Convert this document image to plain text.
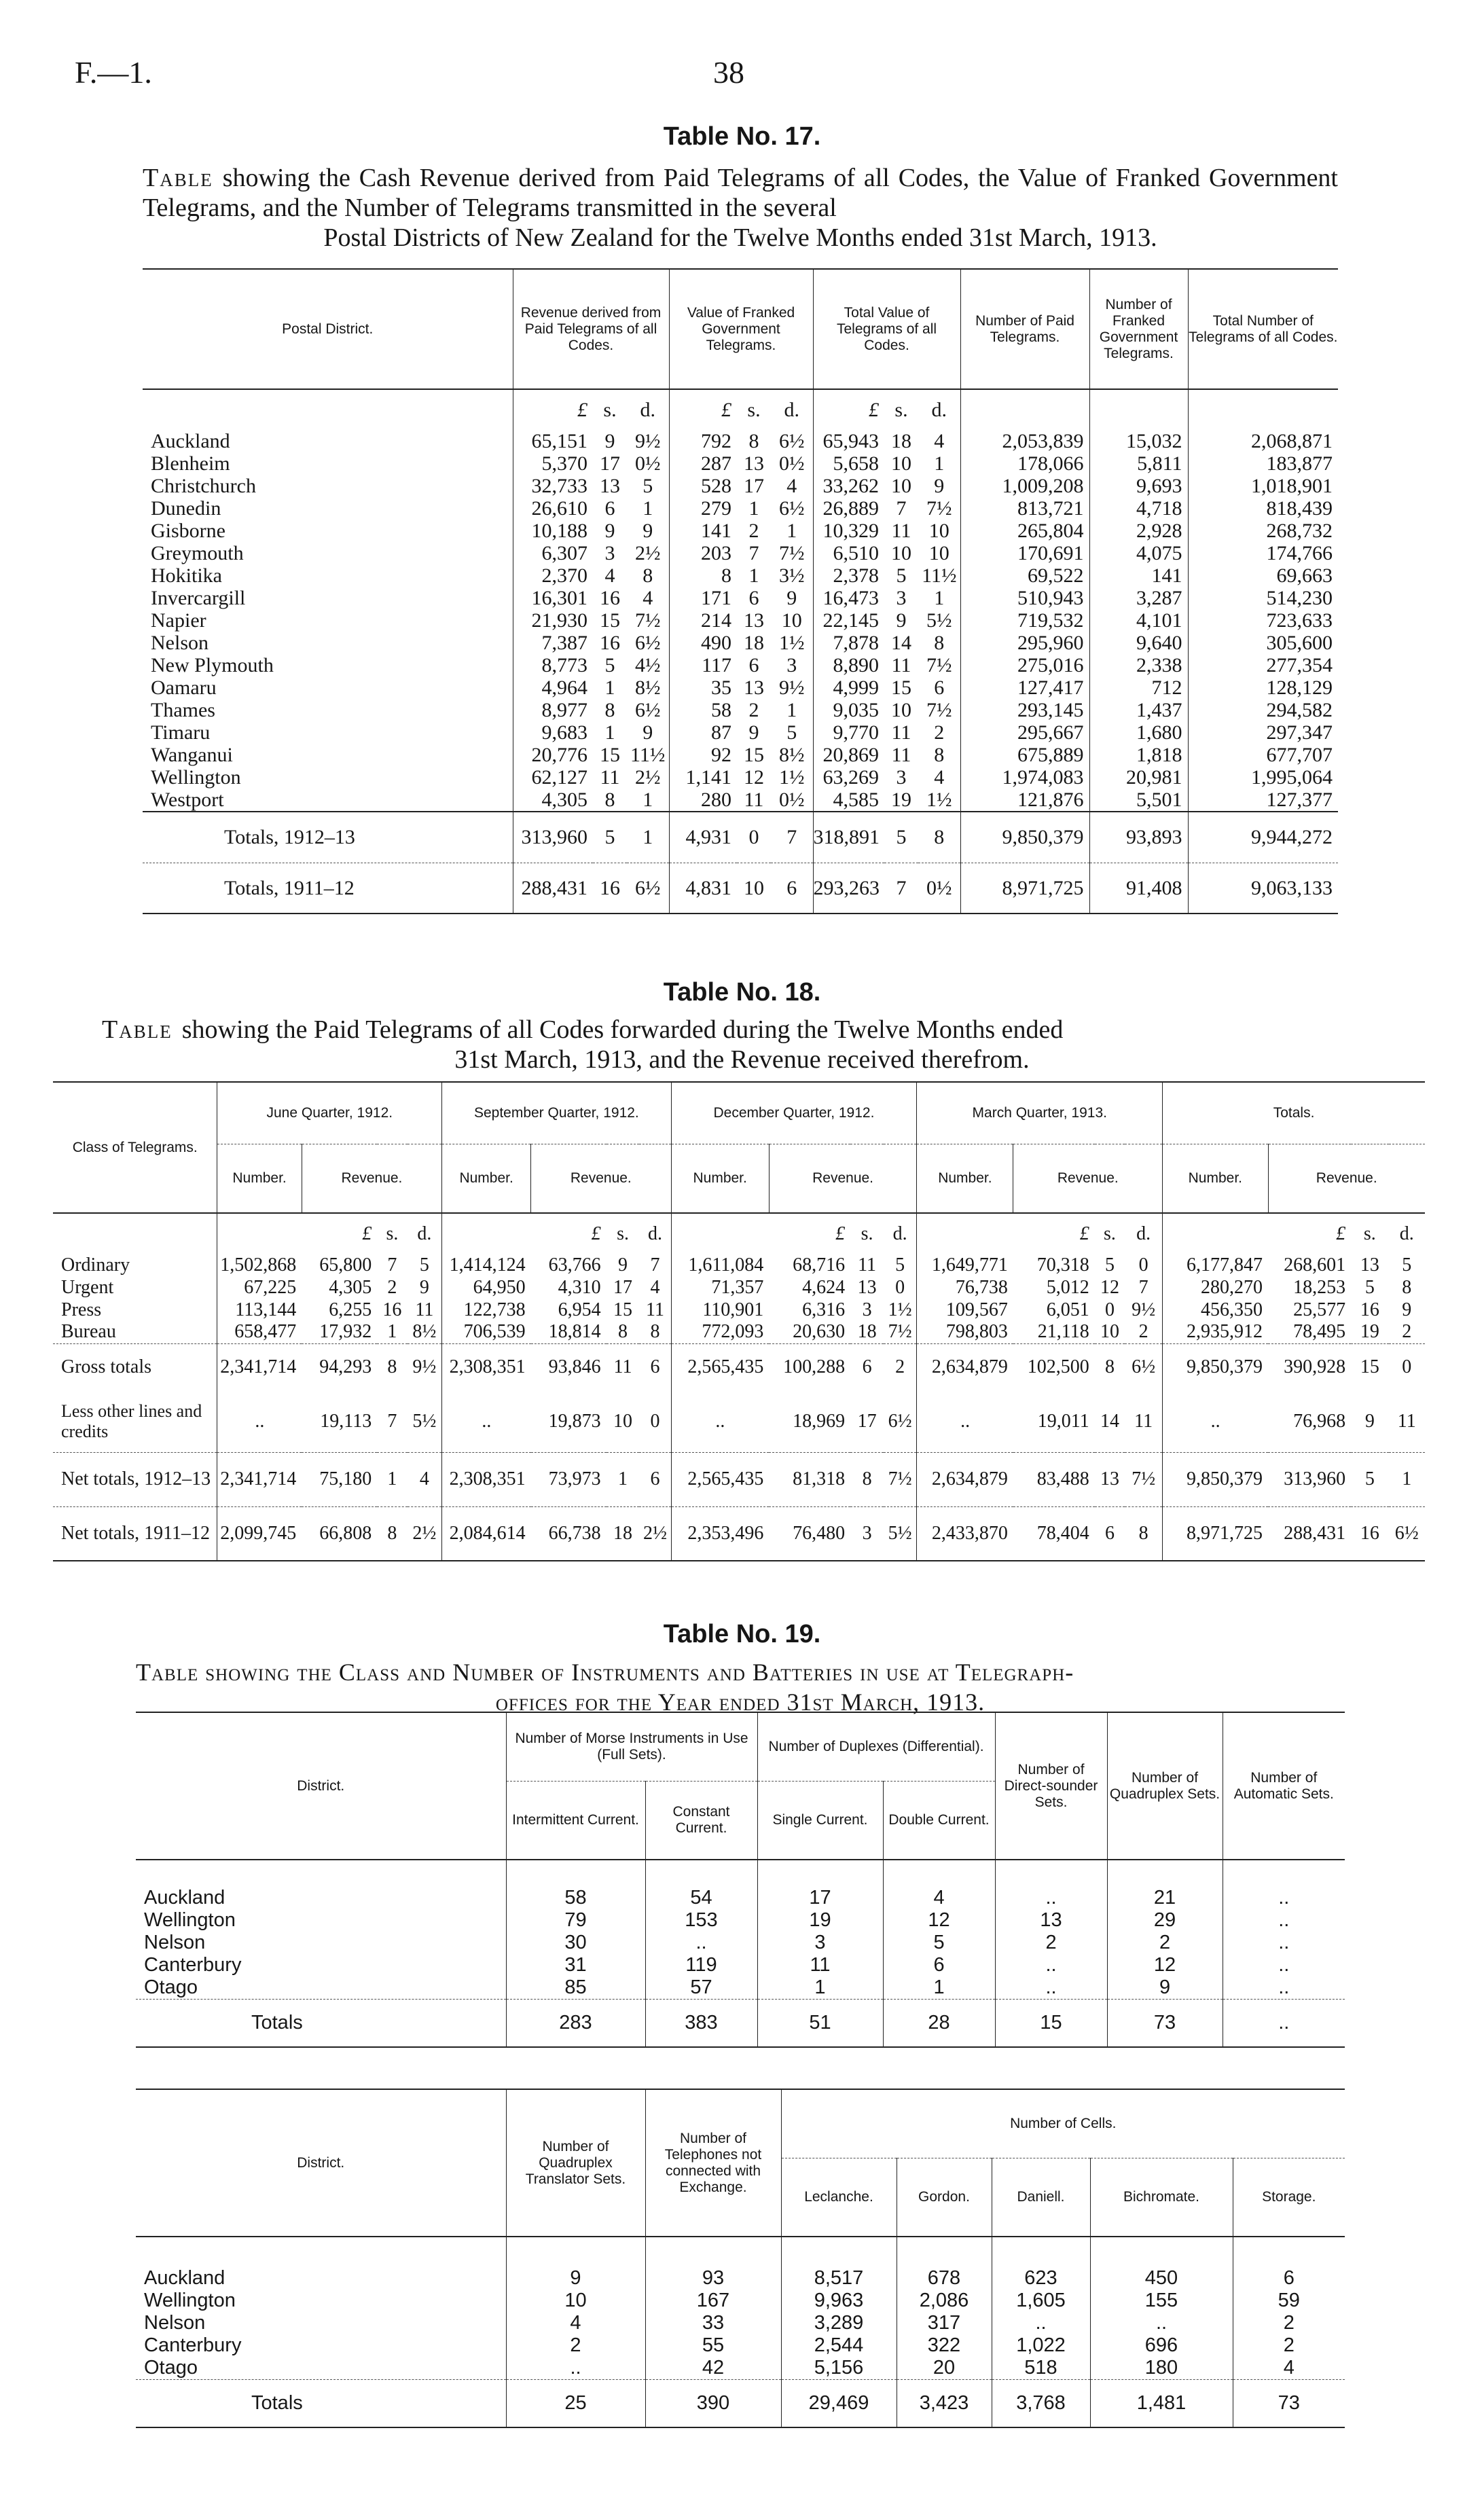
F.—1.	38
Table No. 17.
Table showing the Cash Revenue derived from Paid Telegrams of all Codes, the Value of Franked Government Telegrams, and the Number of Telegrams transmitted in the several
Postal Districts of New Zealand for the Twelve Months ended 31st March, 1913.
Postal District.	Revenue derived from Paid Telegrams of all Codes.			Value of Franked Government Telegrams.			Total Value of Telegrams of all Codes.			Number of Paid Telegrams.	Number of Franked Government Telegrams.	Total Number of Telegrams of all Codes.
	£	s.	d.	£	s.	d.	£	s.	d.			
Auckland	65,151	9	9½	792	8	6½	65,943	18	4	2,053,839	15,032	2,068,871
Blenheim	5,370	17	0½	287	13	0½	5,658	10	1	178,066	5,811	183,877
Christchurch	32,733	13	5	528	17	4	33,262	10	9	1,009,208	9,693	1,018,901
Dunedin	26,610	6	1	279	1	6½	26,889	7	7½	813,721	4,718	818,439
Gisborne	10,188	9	9	141	2	1	10,329	11	10	265,804	2,928	268,732
Greymouth	6,307	3	2½	203	7	7½	6,510	10	10	170,691	4,075	174,766
Hokitika	2,370	4	8	8	1	3½	2,378	5	11½	69,522	141	69,663
Invercargill	16,301	16	4	171	6	9	16,473	3	1	510,943	3,287	514,230
Napier	21,930	15	7½	214	13	10	22,145	9	5½	719,532	4,101	723,633
Nelson	7,387	16	6½	490	18	1½	7,878	14	8	295,960	9,640	305,600
New Plymouth	8,773	5	4½	117	6	3	8,890	11	7½	275,016	2,338	277,354
Oamaru	4,964	1	8½	35	13	9½	4,999	15	6	127,417	712	128,129
Thames	8,977	8	6½	58	2	1	9,035	10	7½	293,145	1,437	294,582
Timaru	9,683	1	9	87	9	5	9,770	11	2	295,667	1,680	297,347
Wanganui	20,776	15	11½	92	15	8½	20,869	11	8	675,889	1,818	677,707
Wellington	62,127	11	2½	1,141	12	1½	63,269	3	4	1,974,083	20,981	1,995,064
Westport	4,305	8	1	280	11	0½	4,585	19	1½	121,876	5,501	127,377
Totals, 1912–13	313,960	5	1	4,931	0	7	318,891	5	8	9,850,379	93,893	9,944,272
Totals, 1911–12	288,431	16	6½	4,831	10	6	293,263	7	0½	8,971,725	91,408	9,063,133
Table No. 18.
Table showing the Paid Telegrams of all Codes forwarded during the Twelve Months ended
31st March, 1913, and the Revenue received therefrom.
Class of Telegrams.	June Quarter, 1912.				September Quarter, 1912.				December Quarter, 1912.				March Quarter, 1913.				Totals.			
	Number.	Revenue.			Number.	Revenue.			Number.	Revenue.			Number.	Revenue.			Number.	Revenue.		
		£	s.	d.		£	s.	d.		£	s.	d.		£	s.	d.		£	s.	d.
Ordinary	1,502,868	65,800	7	5	1,414,124	63,766	9	7	1,611,084	68,716	11	5	1,649,771	70,318	5	0	6,177,847	268,601	13	5
Urgent	67,225	4,305	2	9	64,950	4,310	17	4	71,357	4,624	13	0	76,738	5,012	12	7	280,270	18,253	5	8
Press	113,144	6,255	16	11	122,738	6,954	15	11	110,901	6,316	3	1½	109,567	6,051	0	9½	456,350	25,577	16	9
Bureau	658,477	17,932	1	8½	706,539	18,814	8	8	772,093	20,630	18	7½	798,803	21,118	10	2	2,935,912	78,495	19	2
Gross totals	2,341,714	94,293	8	9½	2,308,351	93,846	11	6	2,565,435	100,288	6	2	2,634,879	102,500	8	6½	9,850,379	390,928	15	0
Less other lines and credits	..	19,113	7	5½	..	19,873	10	0	..	18,969	17	6½	..	19,011	14	11	..	76,968	9	11
Net totals, 1912–13	2,341,714	75,180	1	4	2,308,351	73,973	1	6	2,565,435	81,318	8	7½	2,634,879	83,488	13	7½	9,850,379	313,960	5	1
Net totals, 1911–12	2,099,745	66,808	8	2½	2,084,614	66,738	18	2½	2,353,496	76,480	3	5½	2,433,870	78,404	6	8	8,971,725	288,431	16	6½
Table No. 19.
Table showing the Class and Number of Instruments and Batteries in use at Telegraph-
offices for the Year ended 31st March, 1913.
District.	Number of Morse Instruments in Use (Full Sets).		Number of Duplexes (Differential).		Number of Direct-sounder Sets.	Number of Quadruplex Sets.	Number of Automatic Sets.
	Intermittent Current.	Constant Current.	Single Current.	Double Current.			

Auckland	58	54	17	4	..	21	..
Wellington	79	153	19	12	13	29	..
Nelson	30	..	3	5	2	2	..
Canterbury	31	119	11	6	..	12	..
Otago	85	57	1	1	..	9	..
Totals	283	383	51	28	15	73	..
District.	Number of Quadruplex Translator Sets.	Number of Telephones not connected with Exchange.	Number of Cells.				
			Leclanche.	Gordon.	Daniell.	Bichromate.	Storage.

Auckland	9	93	8,517	678	623	450	6
Wellington	10	167	9,963	2,086	1,605	155	59
Nelson	4	33	3,289	317	..	..	2
Canterbury	2	55	2,544	322	1,022	696	2
Otago	..	42	5,156	20	518	180	4
Totals	25	390	29,469	3,423	3,768	1,481	73
